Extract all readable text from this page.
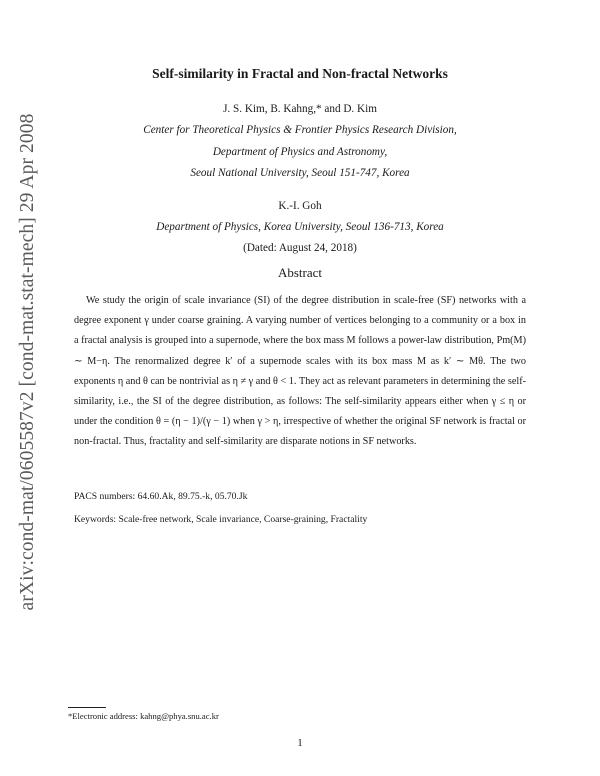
arXiv:cond-mat/0605587v2 [cond-mat.stat-mech] 29 Apr 2008
Self-similarity in Fractal and Non-fractal Networks
J. S. Kim, B. Kahng,* and D. Kim
Center for Theoretical Physics & Frontier Physics Research Division,
Department of Physics and Astronomy,
Seoul National University, Seoul 151-747, Korea
K.-I. Goh
Department of Physics, Korea University, Seoul 136-713, Korea
(Dated: August 24, 2018)
Abstract

We study the origin of scale invariance (SI) of the degree distribution in scale-free (SF) networks with a degree exponent γ under coarse graining. A varying number of vertices belonging to a community or a box in a fractal analysis is grouped into a supernode, where the box mass M follows a power-law distribution, Pm(M) ∼ M−η. The renormalized degree k′ of a supernode scales with its box mass M as k′ ∼ Mθ. The two exponents η and θ can be nontrivial as η ≠ γ and θ < 1. They act as relevant parameters in determining the self-similarity, i.e., the SI of the degree distribution, as follows: The self-similarity appears either when γ ≤ η or under the condition θ = (η − 1)/(γ − 1) when γ > η, irrespective of whether the original SF network is fractal or non-fractal. Thus, fractality and self-similarity are disparate notions in SF networks.

PACS numbers: 64.60.Ak, 89.75.-k, 05.70.Jk
Keywords: Scale-free network, Scale invariance, Coarse-graining, Fractality
*Electronic address: kahng@phya.snu.ac.kr
1
